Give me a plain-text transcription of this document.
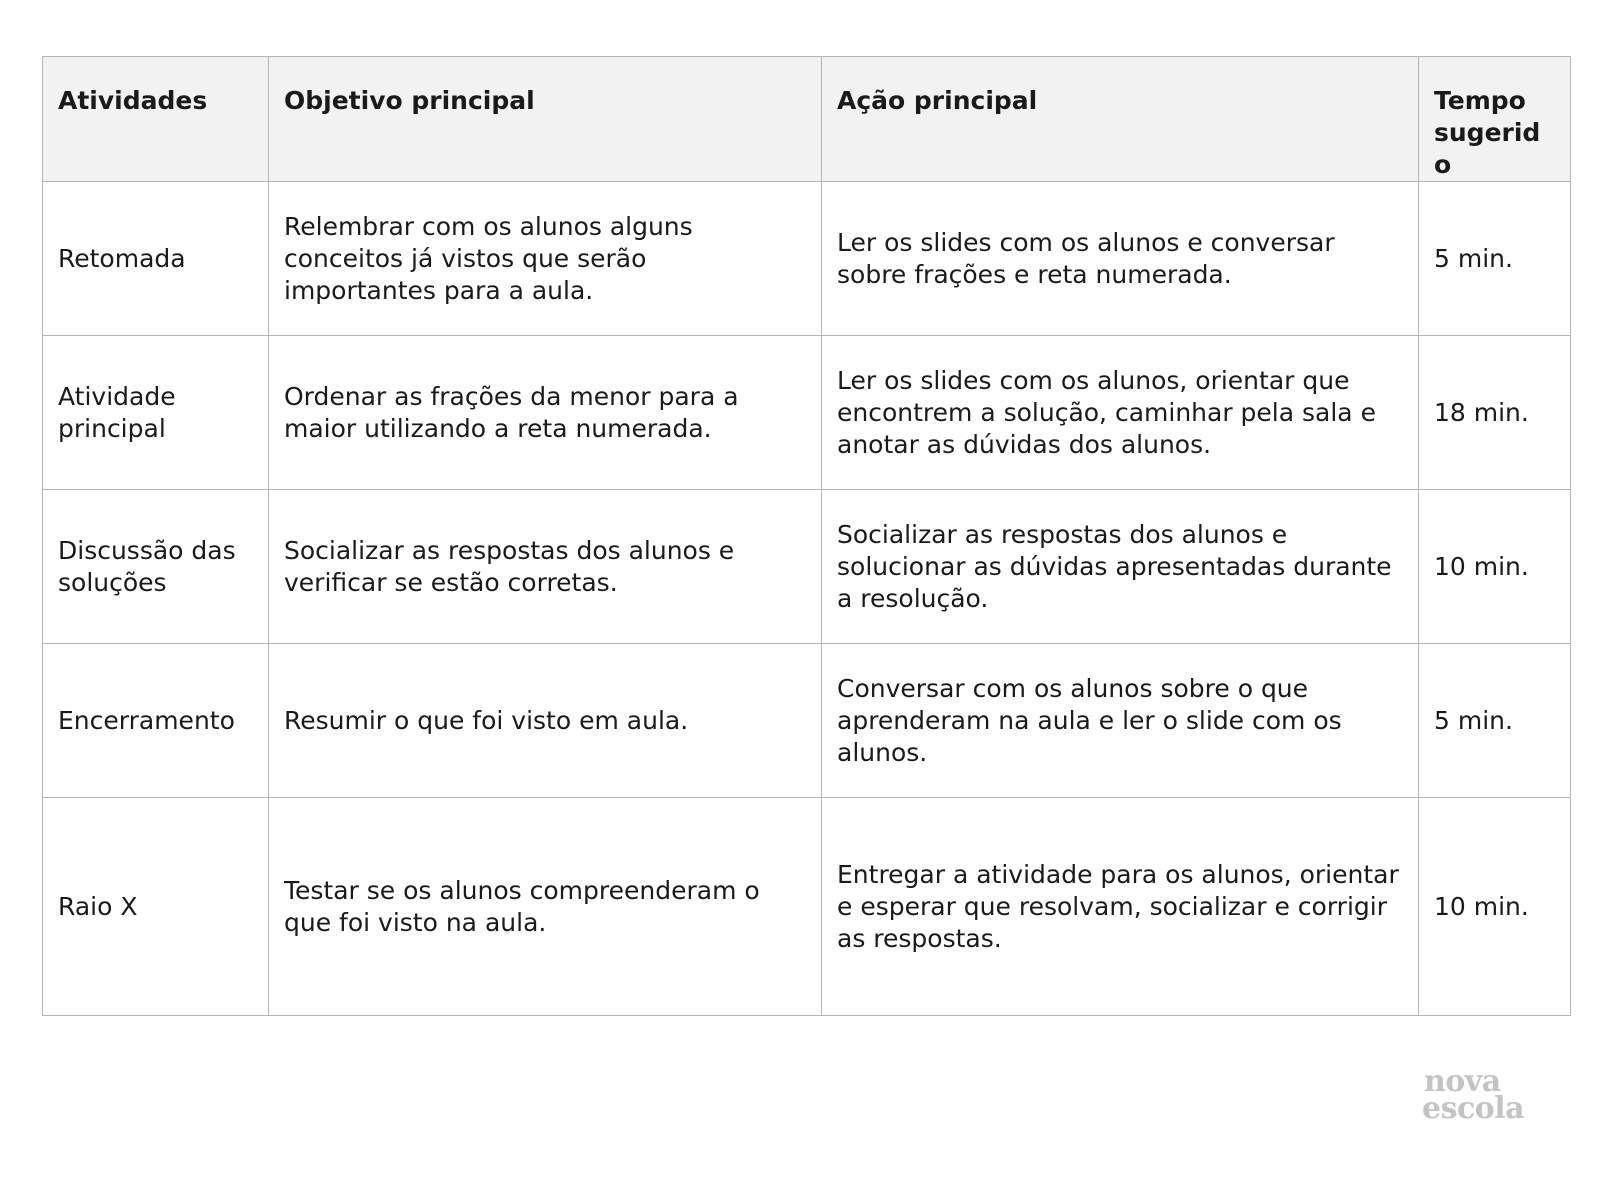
Atividades	Objetivo principal	Ação principal	Tempo sugerido
Retomada	Relembrar com os alunos alguns conceitos já vistos que serão importantes para a aula.	Ler os slides com os alunos e conversar sobre frações e reta numerada.	5 min.
Atividade principal	Ordenar as frações da menor para a maior utilizando a reta numerada.	Ler os slides com os alunos, orientar que encontrem a solução, caminhar pela sala e anotar as dúvidas dos alunos.	18 min.
Discussão das soluções	Socializar as respostas dos alunos e verificar se estão corretas.	Socializar as respostas dos alunos e solucionar as dúvidas apresentadas durante a resolução.	10 min.
Encerramento	Resumir o que foi visto em aula.	Conversar com os alunos sobre o que aprenderam na aula e ler o slide com os alunos.	5 min.
Raio X	Testar se os alunos compreenderam o que foi visto na aula.	Entregar a atividade para os alunos, orientar e esperar que resolvam, socializar e corrigir as respostas.	10 min.
nova
escola
